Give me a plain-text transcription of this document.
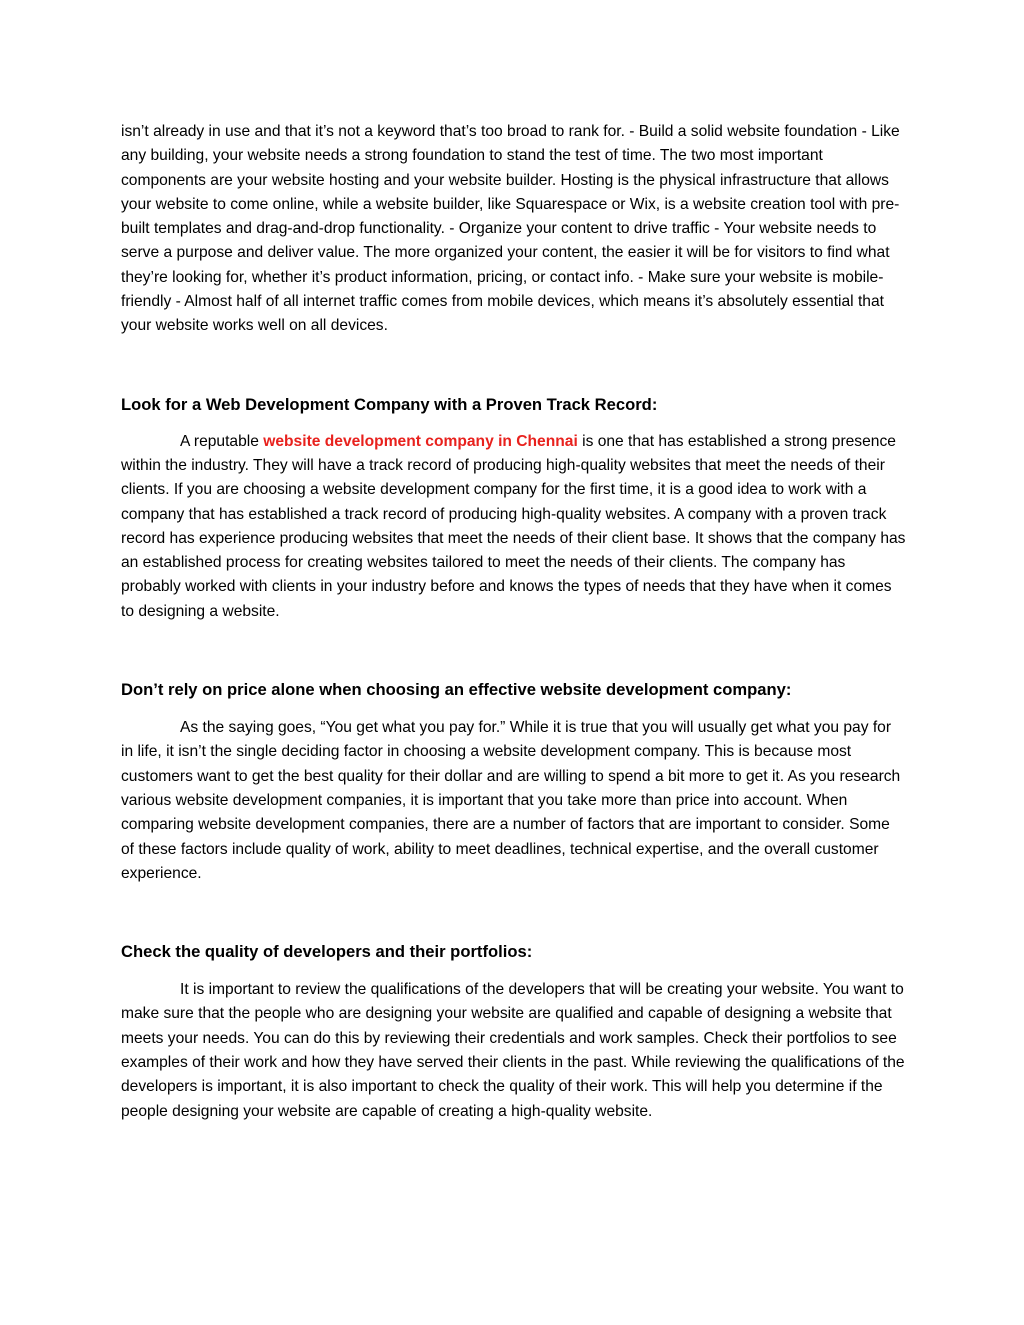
isn’t already in use and that it’s not a keyword that’s too broad to rank for. - Build a solid website foundation - Like any building, your website needs a strong foundation to stand the test of time. The two most important components are your website hosting and your website builder. Hosting is the physical infrastructure that allows your website to come online, while a website builder, like Squarespace or Wix, is a website creation tool with pre-built templates and drag-and-drop functionality. - Organize your content to drive traffic - Your website needs to serve a purpose and deliver value. The more organized your content, the easier it will be for visitors to find what they’re looking for, whether it’s product information, pricing, or contact info. - Make sure your website is mobile-friendly - Almost half of all internet traffic comes from mobile devices, which means it’s absolutely essential that your website works well on all devices.

Look for a Web Development Company with a Proven Track Record:

A reputable website development company in Chennai is one that has established a strong presence within the industry. They will have a track record of producing high-quality websites that meet the needs of their clients. If you are choosing a website development company for the first time, it is a good idea to work with a company that has established a track record of producing high-quality websites. A company with a proven track record has experience producing websites that meet the needs of their client base. It shows that the company has an established process for creating websites tailored to meet the needs of their clients. The company has probably worked with clients in your industry before and knows the types of needs that they have when it comes to designing a website.

Don’t rely on price alone when choosing an effective website development company:

As the saying goes, “You get what you pay for.” While it is true that you will usually get what you pay for in life, it isn’t the single deciding factor in choosing a website development company. This is because most customers want to get the best quality for their dollar and are willing to spend a bit more to get it. As you research various website development companies, it is important that you take more than price into account. When comparing website development companies, there are a number of factors that are important to consider. Some of these factors include quality of work, ability to meet deadlines, technical expertise, and the overall customer experience.

Check the quality of developers and their portfolios:

It is important to review the qualifications of the developers that will be creating your website. You want to make sure that the people who are designing your website are qualified and capable of designing a website that meets your needs. You can do this by reviewing their credentials and work samples. Check their portfolios to see examples of their work and how they have served their clients in the past. While reviewing the qualifications of the developers is important, it is also important to check the quality of their work. This will help you determine if the people designing your website are capable of creating a high-quality website.
